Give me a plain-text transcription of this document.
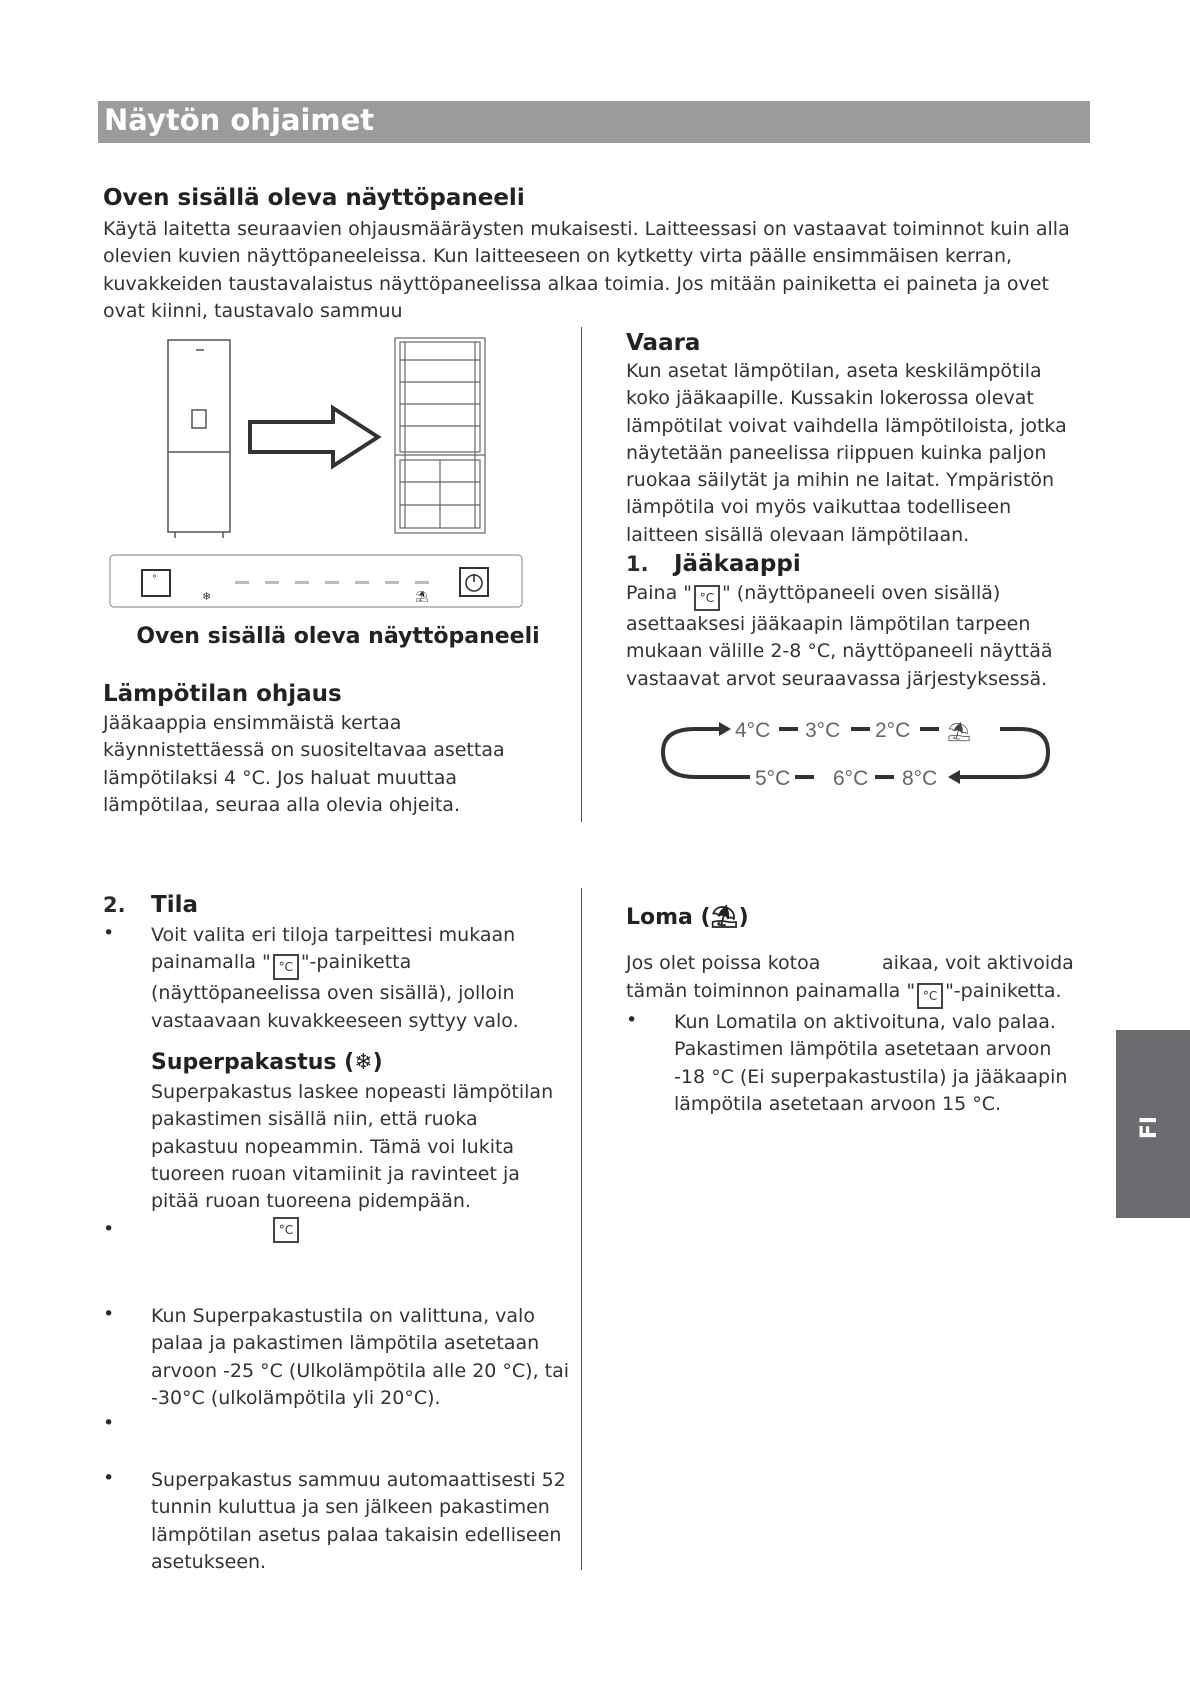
Näytön ohjaimet
Oven sisällä oleva näyttöpaneeli
Käytä laitetta seuraavien ohjausmääräysten mukaisesti. Laitteessasi on vastaavat toiminnot kuin alla olevien kuvien näyttöpaneeleissa. Kun laitteeseen on kytketty virta päälle ensimmäisen kerran, kuvakkeiden taustavalaistus näyttöpaneelissa alkaa toimia. Jos mitään painiketta ei paineta ja ovet ovat kiinni, taustavalo sammuu
°
❄	⛱
Oven sisällä oleva näyttöpaneeli
Lämpötilan ohjaus
Jääkaappia ensimmäistä kertaa käynnistettäessä on suositeltavaa asettaa lämpötilaksi 4 °C. Jos haluat muuttaa lämpötilaa, seuraa alla olevia ohjeita.
Vaara
Kun asetat lämpötilan, aseta keskilämpötila koko jääkaapille. Kussakin lokerossa olevat lämpötilat voivat vaihdella lämpötiloista, jotka näytetään paneelissa riippuen kuinka paljon ruokaa säilytät ja mihin ne laitat. Ympäristön lämpötila voi myös vaikuttaa todelliseen laitteen sisällä olevaan lämpötilaan.
1. Jääkaappi
Paina " °C " (näyttöpaneeli oven sisällä) asettaaksesi jääkaapin lämpötilan tarpeen mukaan välille 2-8 °C, näyttöpaneeli näyttää vastaavat arvot seuraavassa järjestyksessä.
4°C 3°C 2°C ⛱
5°C 6°C 8°C
2. Tila
• Voit valita eri tiloja tarpeittesi mukaan painamalla " °C "-painiketta (näyttöpaneelissa oven sisällä), jolloin vastaavaan kuvakkeeseen syttyy valo.
Superpakastus (❄)
Superpakastus laskee nopeasti lämpötilan pakastimen sisällä niin, että ruoka pakastuu nopeammin. Tämä voi lukita tuoreen ruoan vitamiinit ja ravinteet ja pitää ruoan tuoreena pidempään.
•	°C
• Kun Superpakastustila on valittuna, valo palaa ja pakastimen lämpötila asetetaan arvoon -25 °C (Ulkolämpötila alle 20 °C), tai -30°C (ulkolämpötila yli 20°C).
•
• Superpakastus sammuu automaattisesti 52 tunnin kuluttua ja sen jälkeen pakastimen lämpötilan asetus palaa takaisin edelliseen asetukseen.
Loma (⛱)
Jos olet poissa kotoa	aikaa, voit aktivoida
tämän toiminnon painamalla " °C "-painiketta.
• Kun Lomatila on aktivoituna, valo palaa. Pakastimen lämpötila asetetaan arvoon -18 °C (Ei superpakastustila) ja jääkaapin lämpötila asetetaan arvoon 15 °C.
FI
